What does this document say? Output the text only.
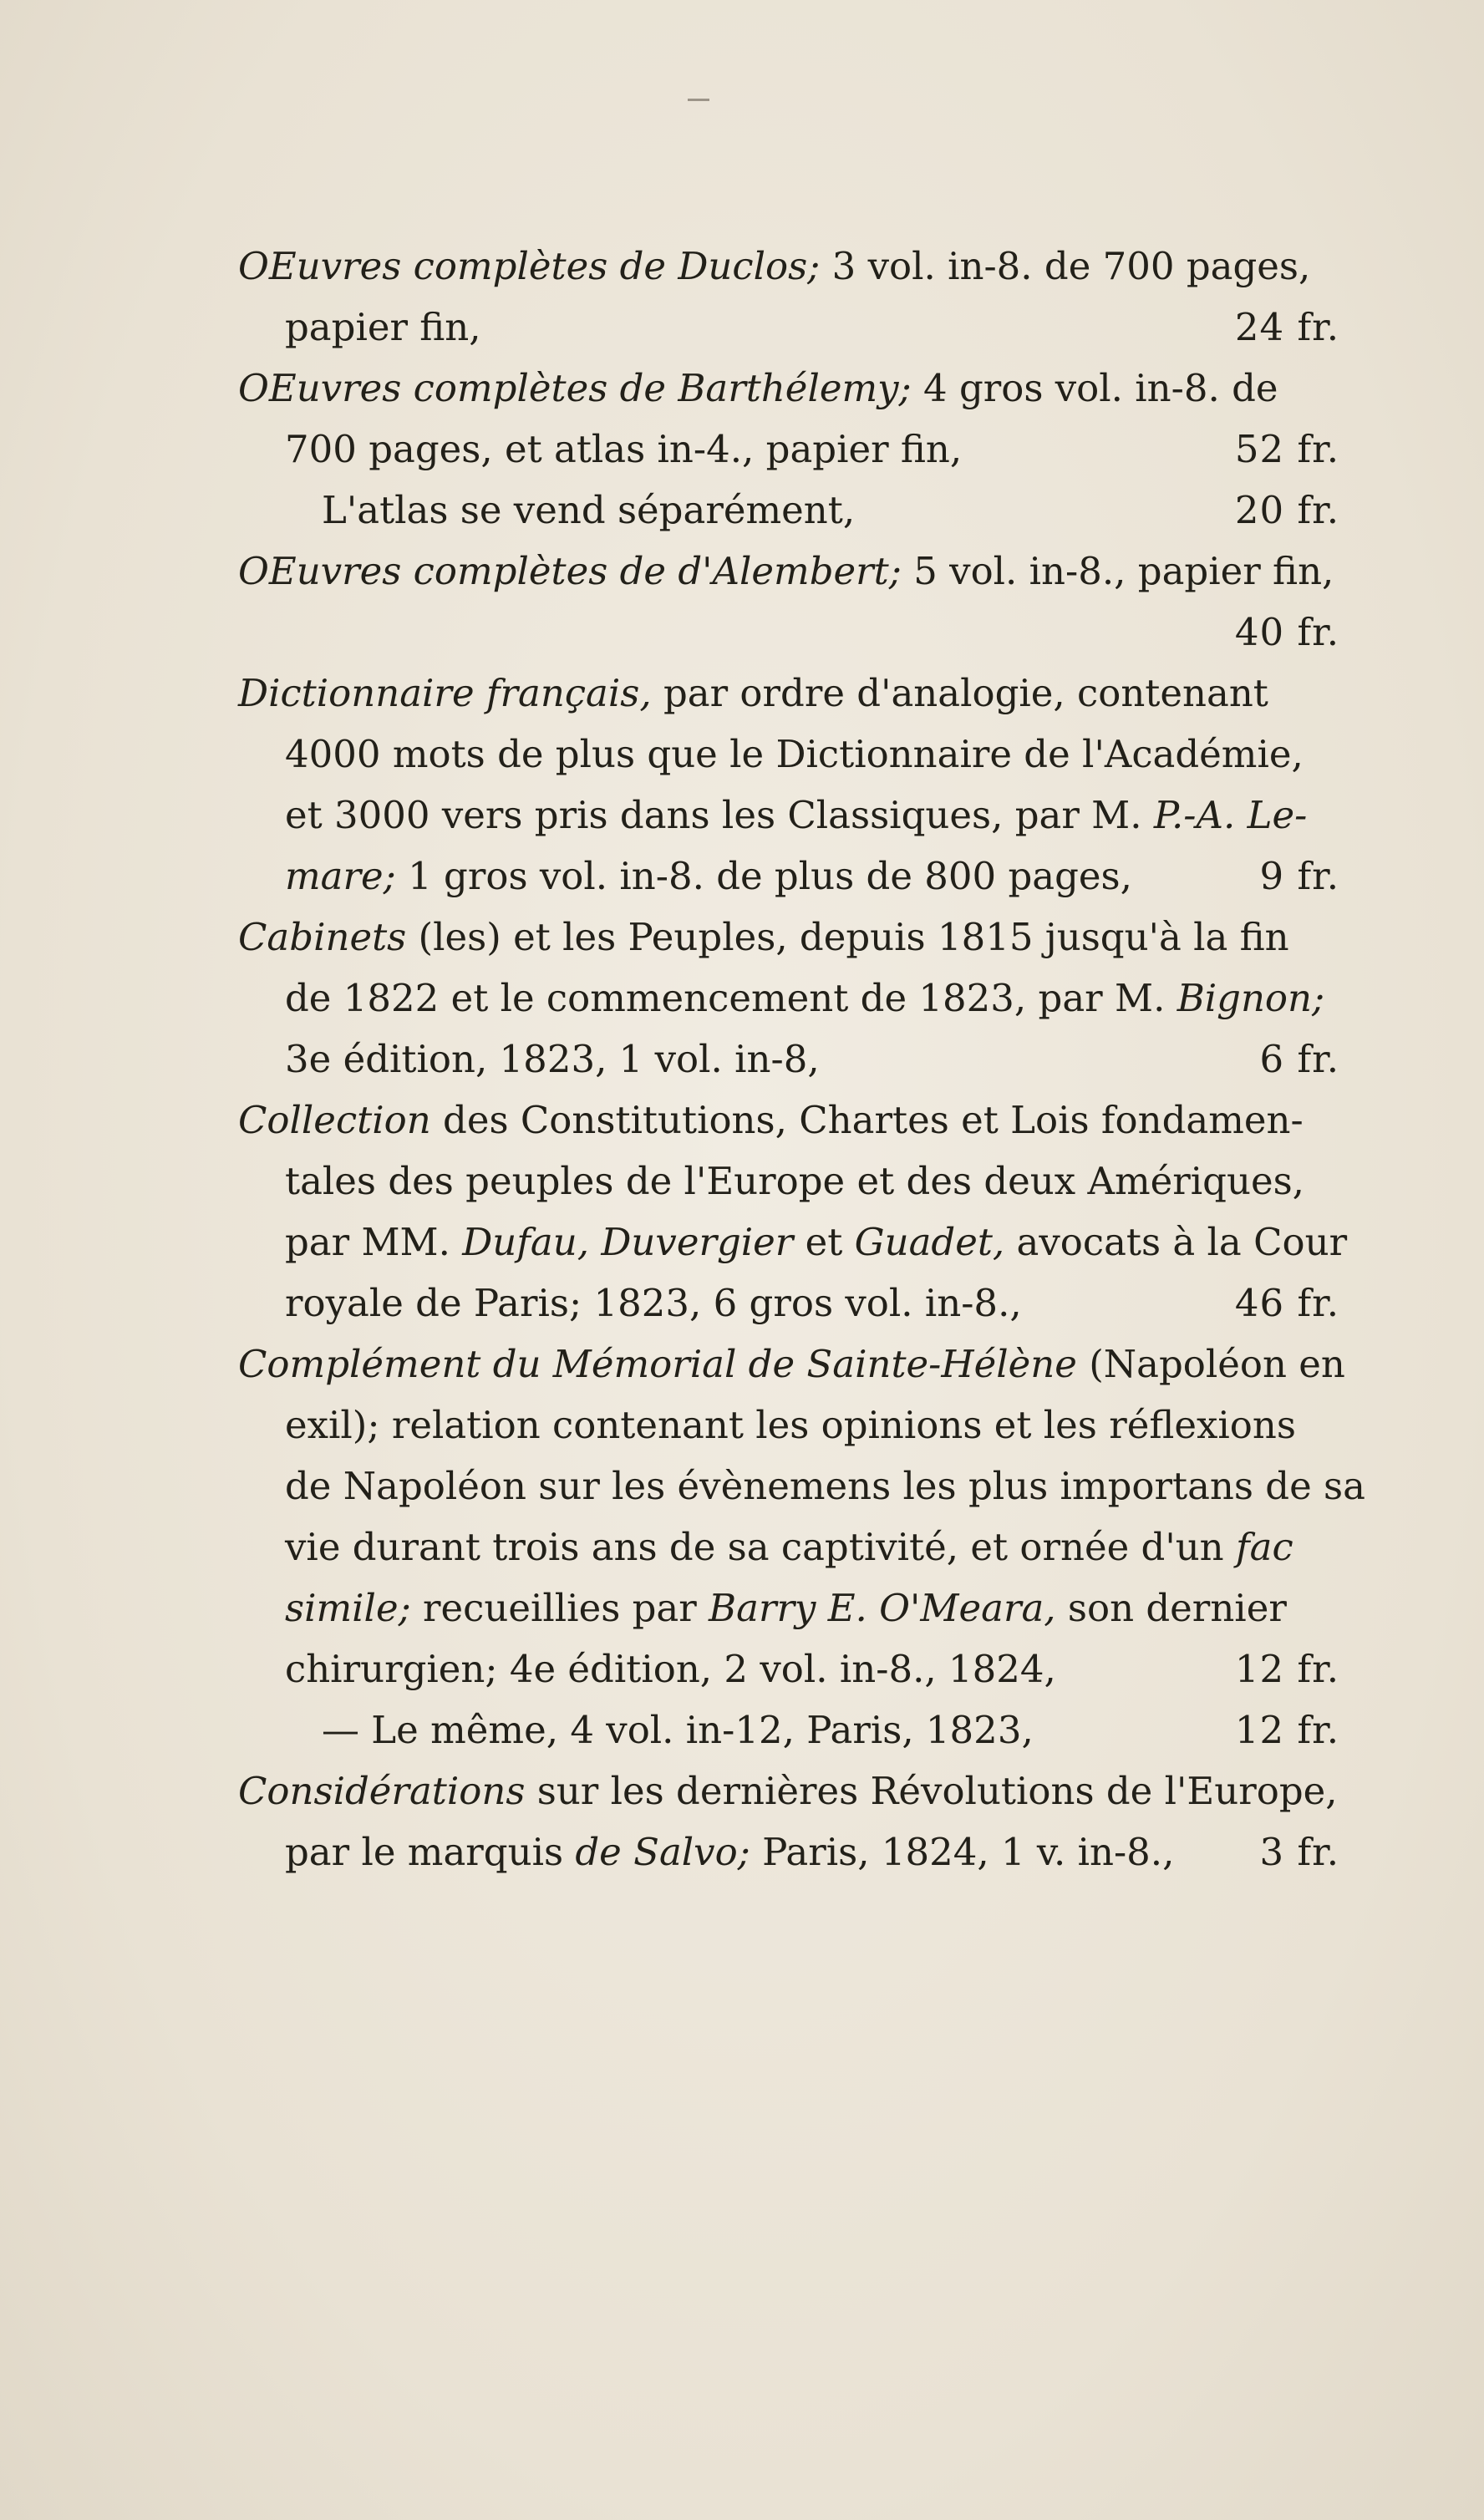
OEuvres complètes de Duclos; 3 vol. in-8. de 700 pages,
papier fin,	24 fr.
OEuvres complètes de Barthélemy; 4 gros vol. in-8. de
700 pages, et atlas in-4., papier fin,	52 fr.
L'atlas se vend séparément,	20 fr.
OEuvres complètes de d'Alembert; 5 vol. in-8., papier fin,
40 fr.
Dictionnaire français, par ordre d'analogie, contenant
4000 mots de plus que le Dictionnaire de l'Académie,
et 3000 vers pris dans les Classiques, par M. P.-A. Le-
mare; 1 gros vol. in-8. de plus de 800 pages,	9 fr.
Cabinets (les) et les Peuples, depuis 1815 jusqu'à la fin
de 1822 et le commencement de 1823, par M. Bignon;
3e édition, 1823, 1 vol. in-8,	6 fr.
Collection des Constitutions, Chartes et Lois fondamen-
tales des peuples de l'Europe et des deux Amériques,
par MM. Dufau, Duvergier et Guadet, avocats à la Cour
royale de Paris; 1823, 6 gros vol. in-8.,	46 fr.
Complément du Mémorial de Sainte-Hélène (Napoléon en
exil); relation contenant les opinions et les réflexions
de Napoléon sur les évènemens les plus importans de sa
vie durant trois ans de sa captivité, et ornée d'un fac
simile; recueillies par Barry E. O'Meara, son dernier
chirurgien; 4e édition, 2 vol. in-8., 1824,	12 fr.
— Le même, 4 vol. in-12, Paris, 1823,	12 fr.
Considérations sur les dernières Révolutions de l'Europe,
par le marquis de Salvo; Paris, 1824, 1 v. in-8., 3 fr.
